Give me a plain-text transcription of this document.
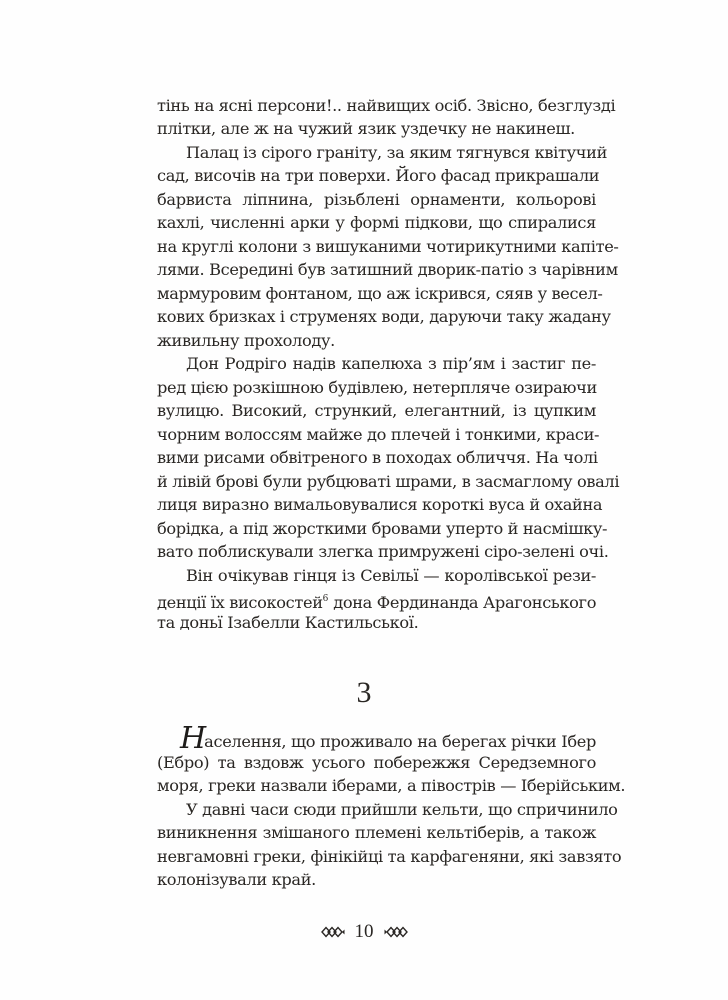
тінь на ясні персони!.. найвищих осіб. Звісно, безглузді
плітки, але ж на чужий язик уздечку не накинеш.
Палац із сірого граніту, за яким тягнувся квітучий
сад, височів на три поверхи. Його фасад прикрашали
барвиста ліпнина, різьблені орнаменти, кольорові
кахлі, численні арки у формі підкови, що спиралися
на круглі колони з вишуканими чотирикутними капіте-
лями. Всередині був затишний дворик-патіо з чарівним
мармуровим фонтаном, що аж іскрився, сяяв у весел-
кових бризках і струменях води, даруючи таку жадану
живильну прохолоду.
Дон Родріго надів капелюха з пір’ям і застиг пе-
ред цією розкішною будівлею, нетерпляче озираючи
вулицю. Високий, стрункий, елегантний, із цупким
чорним волоссям майже до плечей і тонкими, краси-
вими рисами обвітреного в походах обличчя. На чолі
й лівій брові були рубцюваті шрами, в засмаглому овалі
лиця виразно вимальовувалися короткі вуса й охайна
борідка, а під жорсткими бровами уперто й насмішку-
вато поблискували злегка примружені сіро-зелені очі.
Він очікував гінця із Севільї — королівської рези-
денції їх високостей$^6$ дона Фердинанда Арагонського
та доньї Ізабелли Кастильської.
3
Населення, що проживало на берегах річки Ібер
(Ебро) та вздовж усього побережжя Середземного
моря, греки назвали іберами, а півострів — Іберійським.
У давні часи сюди прийшли кельти, що спричинило
виникнення змішаного племені кельтіберів, а також
невгамовні греки, фінікійці та карфагеняни, які завзято
колонізували край.
10
